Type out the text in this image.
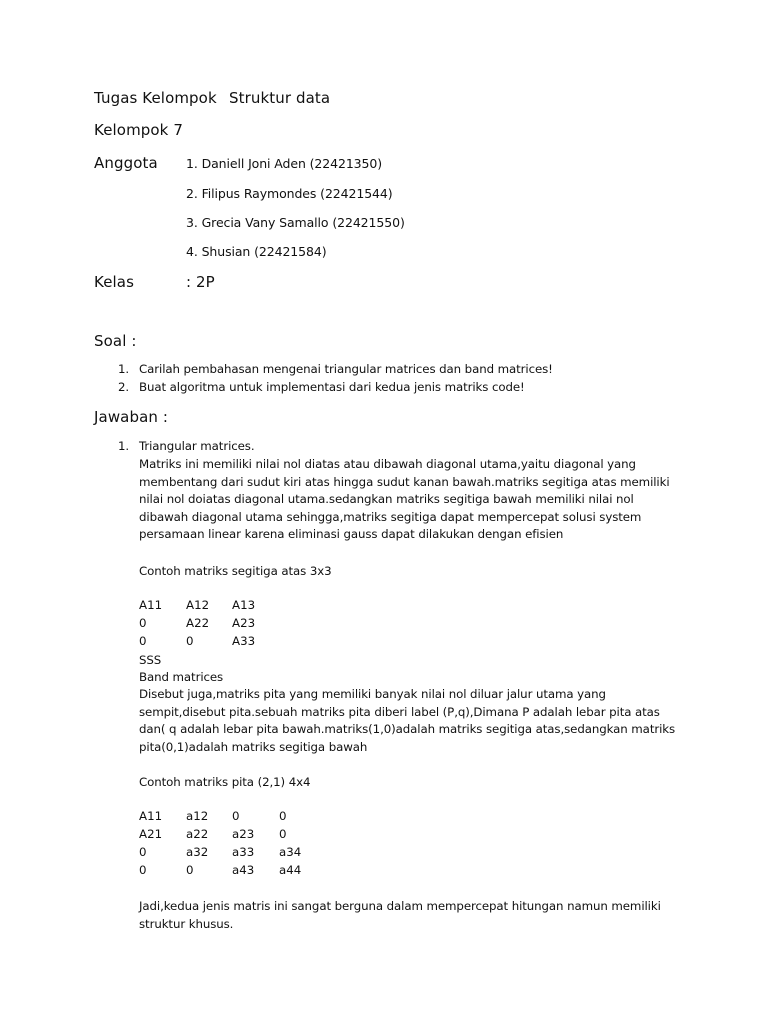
Tugas Kelompok Struktur data
Kelompok 7
Anggota 1. Daniell Joni Aden (22421350)
2. Filipus Raymondes (22421544)
3. Grecia Vany Samallo (22421550)
4. Shusian (22421584)
Kelas	: 2P
Soal :
1. Carilah pembahasan mengenai triangular matrices dan band matrices!
2. Buat algoritma untuk implementasi dari kedua jenis matriks code!
Jawaban :
1. Triangular matrices.
Matriks ini memiliki nilai nol diatas atau dibawah diagonal utama,yaitu diagonal yang
membentang dari sudut kiri atas hingga sudut kanan bawah.matriks segitiga atas memiliki
nilai nol doiatas diagonal utama.sedangkan matriks segitiga bawah memiliki nilai nol
dibawah diagonal utama sehingga,matriks segitiga dapat mempercepat solusi system
persamaan linear karena eliminasi gauss dapat dilakukan dengan efisien
Contoh matriks segitiga atas 3x3
A11 A12 A13
0	A22 A23
0	0	A33
SSS
Band matrices
Disebut juga,matriks pita yang memiliki banyak nilai nol diluar jalur utama yang
sempit,disebut pita.sebuah matriks pita diberi label (P,q),Dimana P adalah lebar pita atas
dan( q adalah lebar pita bawah.matriks(1,0)adalah matriks segitiga atas,sedangkan matriks
pita(0,1)adalah matriks segitiga bawah
Contoh matriks pita (2,1) 4x4
A11 a12 0	0
A21 a22 a23 0
0	a32 a33 a34
0	0	a43 a44
Jadi,kedua jenis matris ini sangat berguna dalam mempercepat hitungan namun memiliki
struktur khusus.
